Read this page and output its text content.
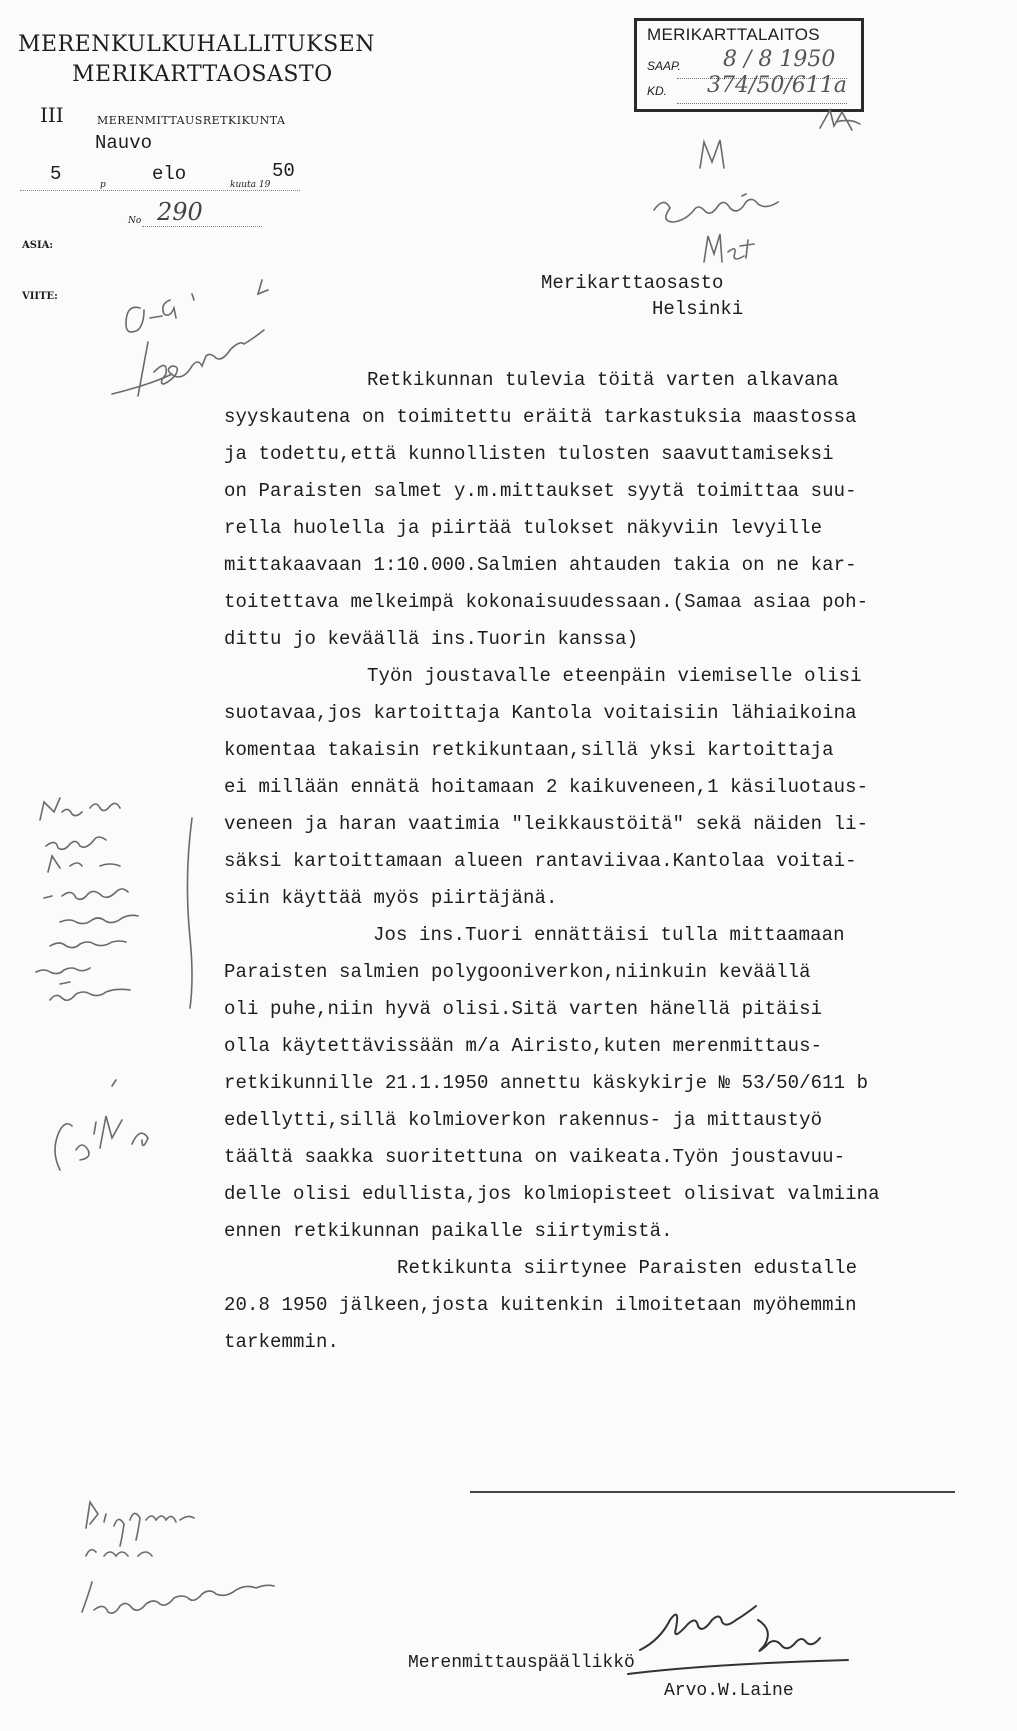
MERENKULKUHALLITUKSEN
MERIKARTTAOSASTO
III	MERENMITTAUSRETKIKUNTA
Nauvo
5	p elo	kuuta 19
50
No 290
ASIA:
VIITE:
MERIKARTTALAITOS
SAAP. 8 / 8 1950
KD. 374/50/611a
Merikarttaosasto
Helsinki
Retkikunnan tulevia töitä varten alkavana
syyskautena on toimitettu eräitä tarkastuksia maastossa
ja todettu,että kunnollisten tulosten saavuttamiseksi
on Paraisten salmet y.m.mittaukset syytä toimittaa suu-
rella huolella ja piirtää tulokset näkyviin levyille
mittakaavaan 1:10.000.Salmien ahtauden takia on ne kar-
toitettava melkeimpä kokonaisuudessaan.(Samaa asiaa poh-
dittu jo keväällä ins.Tuorin kanssa)
Työn joustavalle eteenpäin viemiselle olisi
suotavaa,jos kartoittaja Kantola voitaisiin lähiaikoina
komentaa takaisin retkikuntaan,sillä yksi kartoittaja
ei millään ennätä hoitamaan 2 kaikuveneen,1 käsiluotaus-
veneen ja haran vaatimia "leikkaustöitä" sekä näiden li-
säksi kartoittamaan alueen rantaviivaa.Kantolaa voitai-
siin käyttää myös piirtäjänä.
Jos ins.Tuori ennättäisi tulla mittaamaan
Paraisten salmien polygooniverkon,niinkuin keväällä
oli puhe,niin hyvä olisi.Sitä varten hänellä pitäisi
olla käytettävissään m/a Airisto,kuten merenmittaus-
retkikunnille 21.1.1950 annettu käskykirje № 53/50/611 b
edellytti,sillä kolmioverkon rakennus- ja mittaustyö
täältä saakka suoritettuna on vaikeata.Työn joustavuu-
delle olisi edullista,jos kolmiopisteet olisivat valmiina
ennen retkikunnan paikalle siirtymistä.
Retkikunta siirtynee Paraisten edustalle
20.8 1950 jälkeen,josta kuitenkin ilmoitetaan myöhemmin
tarkemmin.
Merenmittauspäällikkö
Arvo.W.Laine
